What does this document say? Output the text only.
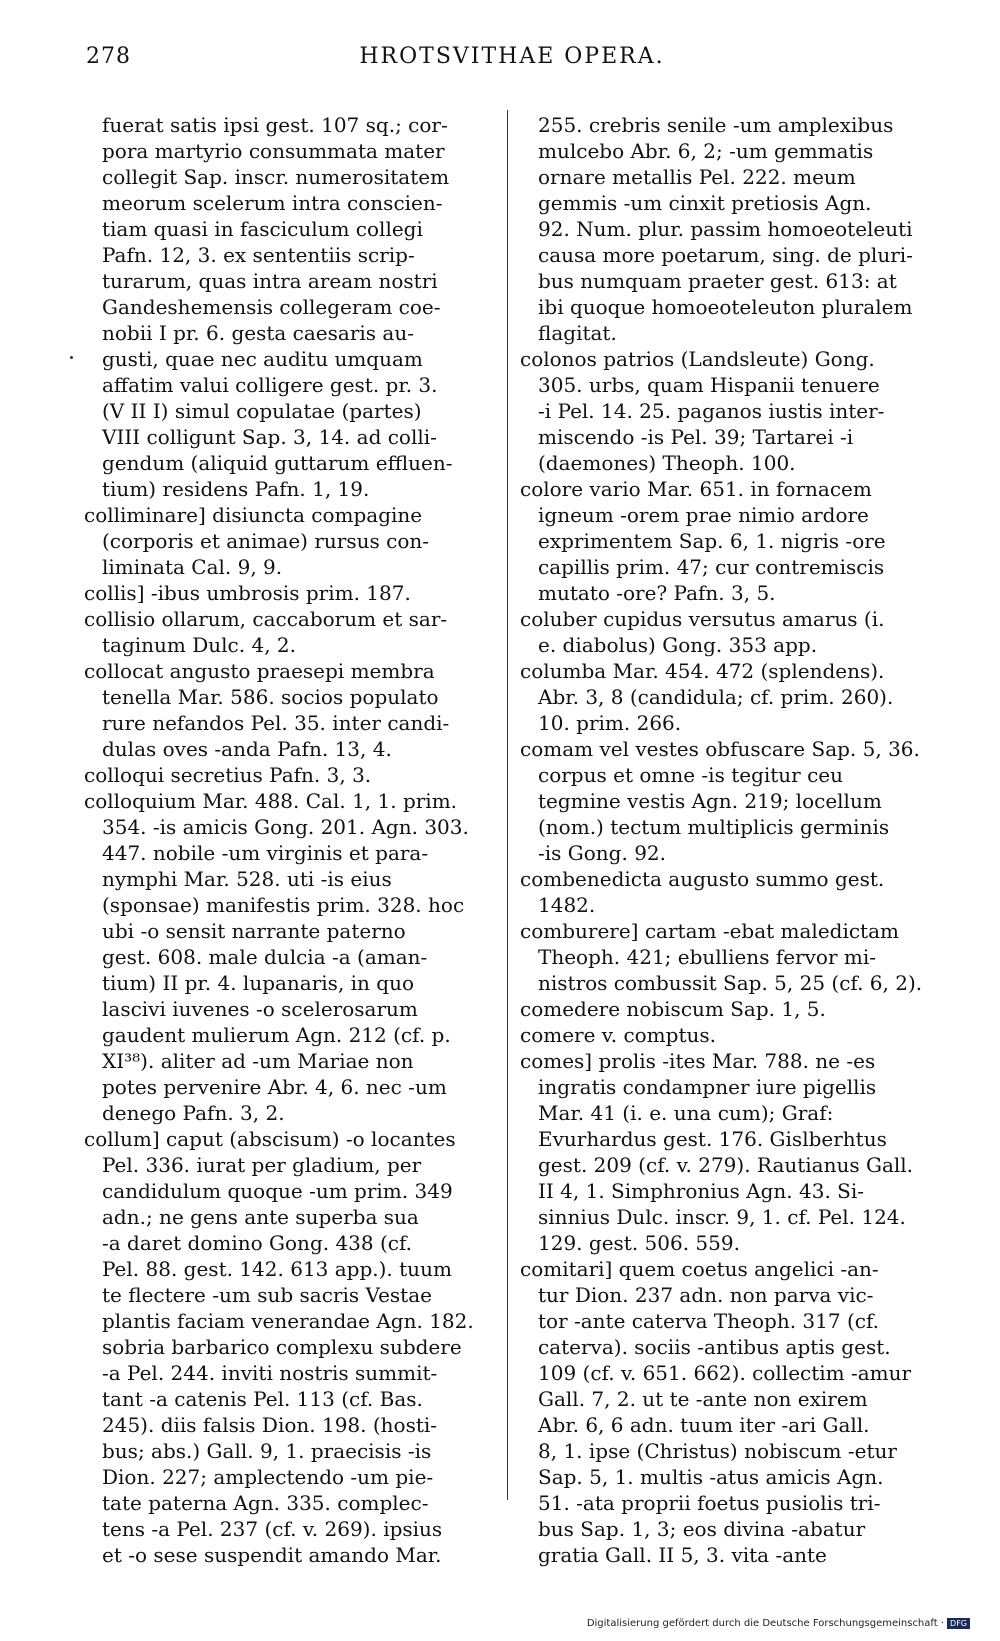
278	HROTSVITHAE OPERA.
fuerat satis ipsi gest. 107 sq.; cor-
pora martyrio consummata mater
collegit Sap. inscr. numerositatem
meorum scelerum intra conscien-
tiam quasi in fasciculum collegi
Pafn. 12, 3. ex sententiis scrip-
turarum, quas intra aream nostri
Gandeshemensis collegeram coe-
nobii I pr. 6. gesta caesaris au-
gusti, quae nec auditu umquam
affatim valui colligere gest. pr. 3.
(V II I) simul copulatae (partes)
VIII colligunt Sap. 3, 14. ad colli-
gendum (aliquid guttarum effluen-
tium) residens Pafn. 1, 19.
colliminare] disiuncta compagine
(corporis et animae) rursus con-
liminata Cal. 9, 9.
collis] -ibus umbrosis prim. 187.
collisio ollarum, caccaborum et sar-
taginum Dulc. 4, 2.
collocat angusto praesepi membra
tenella Mar. 586. socios populato
rure nefandos Pel. 35. inter candi-
dulas oves -anda Pafn. 13, 4.
colloqui secretius Pafn. 3, 3.
colloquium Mar. 488. Cal. 1, 1. prim.
354. -is amicis Gong. 201. Agn. 303.
447. nobile -um virginis et para-
nymphi Mar. 528. uti -is eius
(sponsae) manifestis prim. 328. hoc
ubi -o sensit narrante paterno
gest. 608. male dulcia -a (aman-
tium) II pr. 4. lupanaris, in quo
lascivi iuvenes -o scelerosarum
gaudent mulierum Agn. 212 (cf. p.
XI³⁸). aliter ad -um Mariae non
potes pervenire Abr. 4, 6. nec -um
denego Pafn. 3, 2.
collum] caput (abscisum) -o locantes
Pel. 336. iurat per gladium, per
candidulum quoque -um prim. 349
adn.; ne gens ante superba sua
-a daret domino Gong. 438 (cf.
Pel. 88. gest. 142. 613 app.). tuum
te flectere -um sub sacris Vestae
plantis faciam venerandae Agn. 182.
sobria barbarico complexu subdere
-a Pel. 244. inviti nostris summit-
tant -a catenis Pel. 113 (cf. Bas.
245). diis falsis Dion. 198. (hosti-
bus; abs.) Gall. 9, 1. praecisis -is
Dion. 227; amplectendo -um pie-
tate paterna Agn. 335. complec-
tens -a Pel. 237 (cf. v. 269). ipsius
et -o sese suspendit amando Mar.
255. crebris senile -um amplexibus
mulcebo Abr. 6, 2; -um gemmatis
ornare metallis Pel. 222. meum
gemmis -um cinxit pretiosis Agn.
92. Num. plur. passim homoeoteleuti
causa more poetarum, sing. de pluri-
bus numquam praeter gest. 613: at
ibi quoque homoeoteleuton pluralem
flagitat.
colonos patrios (Landsleute) Gong.
305. urbs, quam Hispanii tenuere
-i Pel. 14. 25. paganos iustis inter-
miscendo -is Pel. 39; Tartarei -i
(daemones) Theoph. 100.
colore vario Mar. 651. in fornacem
igneum -orem prae nimio ardore
exprimentem Sap. 6, 1. nigris -ore
capillis prim. 47; cur contremiscis
mutato -ore? Pafn. 3, 5.
coluber cupidus versutus amarus (i.
e. diabolus) Gong. 353 app.
columba Mar. 454. 472 (splendens).
Abr. 3, 8 (candidula; cf. prim. 260).
10. prim. 266.
comam vel vestes obfuscare Sap. 5, 36.
corpus et omne -is tegitur ceu
tegmine vestis Agn. 219; locellum
(nom.) tectum multiplicis germinis
-is Gong. 92.
combenedicta augusto summo gest.
1482.
comburere] cartam -ebat maledictam
Theoph. 421; ebulliens fervor mi-
nistros combussit Sap. 5, 25 (cf. 6, 2).
comedere nobiscum Sap. 1, 5.
comere v. comptus.
comes] prolis -ites Mar. 788. ne -es
ingratis condampner iure pigellis
Mar. 41 (i. e. una cum); Graf:
Evurhardus gest. 176. Gislberhtus
gest. 209 (cf. v. 279). Rautianus Gall.
II 4, 1. Simphronius Agn. 43. Si-
sinnius Dulc. inscr. 9, 1. cf. Pel. 124.
129. gest. 506. 559.
comitari] quem coetus angelici -an-
tur Dion. 237 adn. non parva vic-
tor -ante caterva Theoph. 317 (cf.
caterva). sociis -antibus aptis gest.
109 (cf. v. 651. 662). collectim -amur
Gall. 7, 2. ut te -ante non exirem
Abr. 6, 6 adn. tuum iter -ari Gall.
8, 1. ipse (Christus) nobiscum -etur
Sap. 5, 1. multis -atus amicis Agn.
51. -ata proprii foetus pusiolis tri-
bus Sap. 1, 3; eos divina -abatur
gratia Gall. II 5, 3. vita -ante
Digitalisierung gefördert durch die Deutsche Forschungsgemeinschaft · DFG
